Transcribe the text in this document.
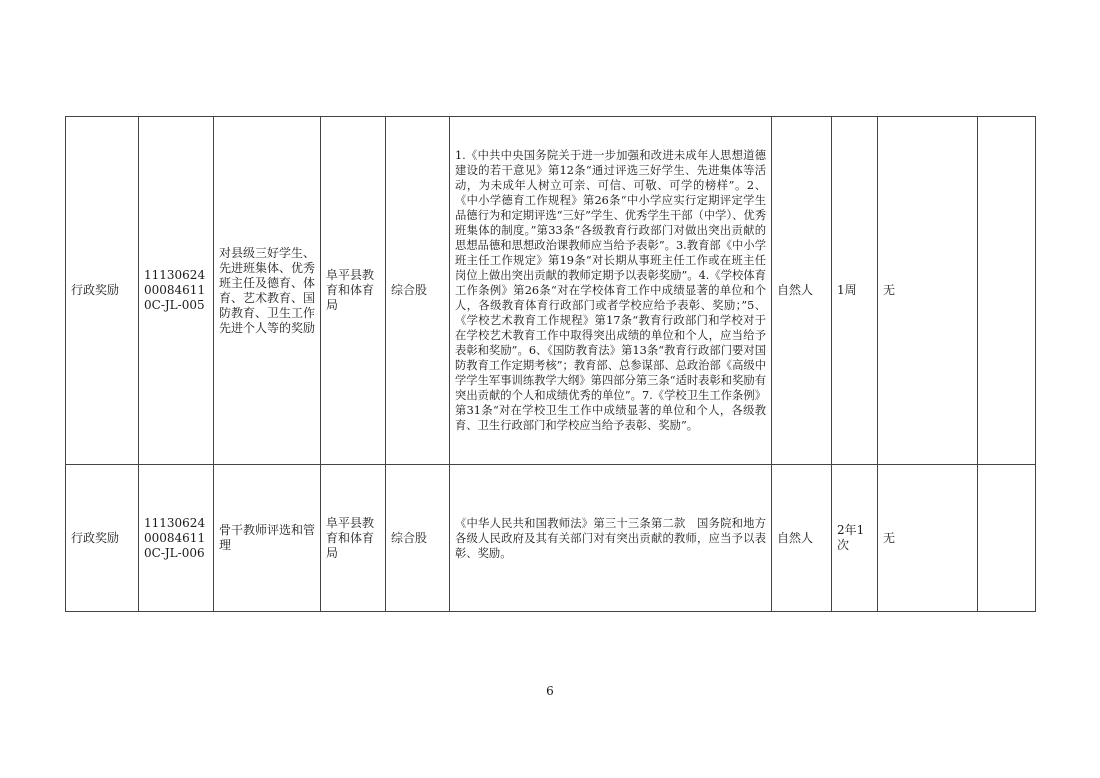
行政奖励	11130624000846110C-JL-005	对县级三好学生、先进班集体、优秀班主任及德育、体育、艺术教育、国防教育、卫生工作先进个人等的奖励	阜平县教育和体育局	综合股	1.《中共中央国务院关于进一步加强和改进未成年人思想道德建设的若干意见》第12条“通过评选三好学生、先进集体等活动，为未成年人树立可亲、可信、可敬、可学的榜样”。2、《中小学德育工作规程》第26条“中小学应实行定期评定学生品德行为和定期评选“三好”学生、优秀学生干部（中学）、优秀班集体的制度。”第33条“各级教育行政部门对做出突出贡献的思想品德和思想政治课教师应当给予表彰”。3.教育部《中小学班主任工作规定》第19条“对长期从事班主任工作或在班主任岗位上做出突出贡献的教师定期予以表彰奖励”。4.《学校体育工作条例》第26条“对在学校体育工作中成绩显著的单位和个人，各级教育体育行政部门或者学校应给予表彰、奖励；”5、《学校艺术教育工作规程》第17条“教育行政部门和学校对于在学校艺术教育工作中取得突出成绩的单位和个人，应当给予表彰和奖励”。6、《国防教育法》第13条“教育行政部门要对国防教育工作定期考核”；教育部、总参谋部、总政治部《高级中学学生军事训练教学大纲》第四部分第三条“适时表彰和奖励有突出贡献的个人和成绩优秀的单位”。7.《学校卫生工作条例》第31条“对在学校卫生工作中成绩显著的单位和个人，各级教育、卫生行政部门和学校应当给予表彰、奖励”。	自然人	1周	无	
行政奖励	11130624000846110C-JL-006	骨干教师评选和管理	阜平县教育和体育局	综合股	《中华人民共和国教师法》第三十三条第二款　国务院和地方各级人民政府及其有关部门对有突出贡献的教师，应当予以表彰、奖励。	自然人	2年1次	无	
6
